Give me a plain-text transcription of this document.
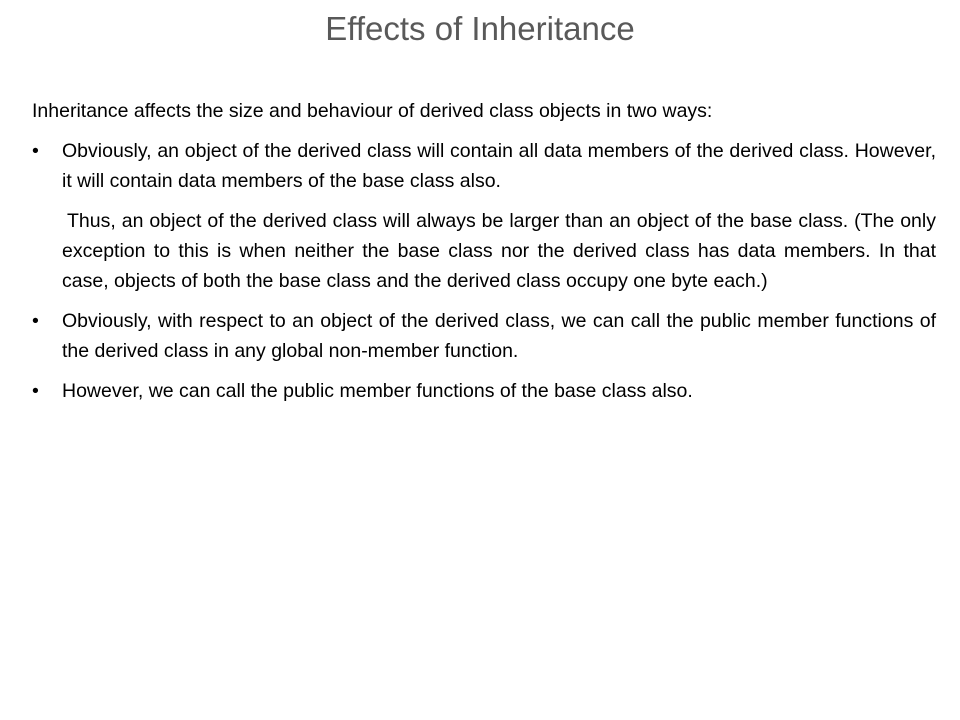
Effects of Inheritance

Inheritance affects the size and behaviour of derived class objects in two ways:

•	Obviously, an object of the derived class will contain all data members of the derived class. However, it will contain data members of the base class also.

Thus, an object of the derived class will always be larger than an object of the base class. (The only exception to this is when neither the base class nor the derived class has data members. In that case, objects of both the base class and the derived class occupy one byte each.)

•	Obviously, with respect to an object of the derived class, we can call the public member functions of the derived class in any global non-member function.
•	However, we can call the public member functions of the base class also.
